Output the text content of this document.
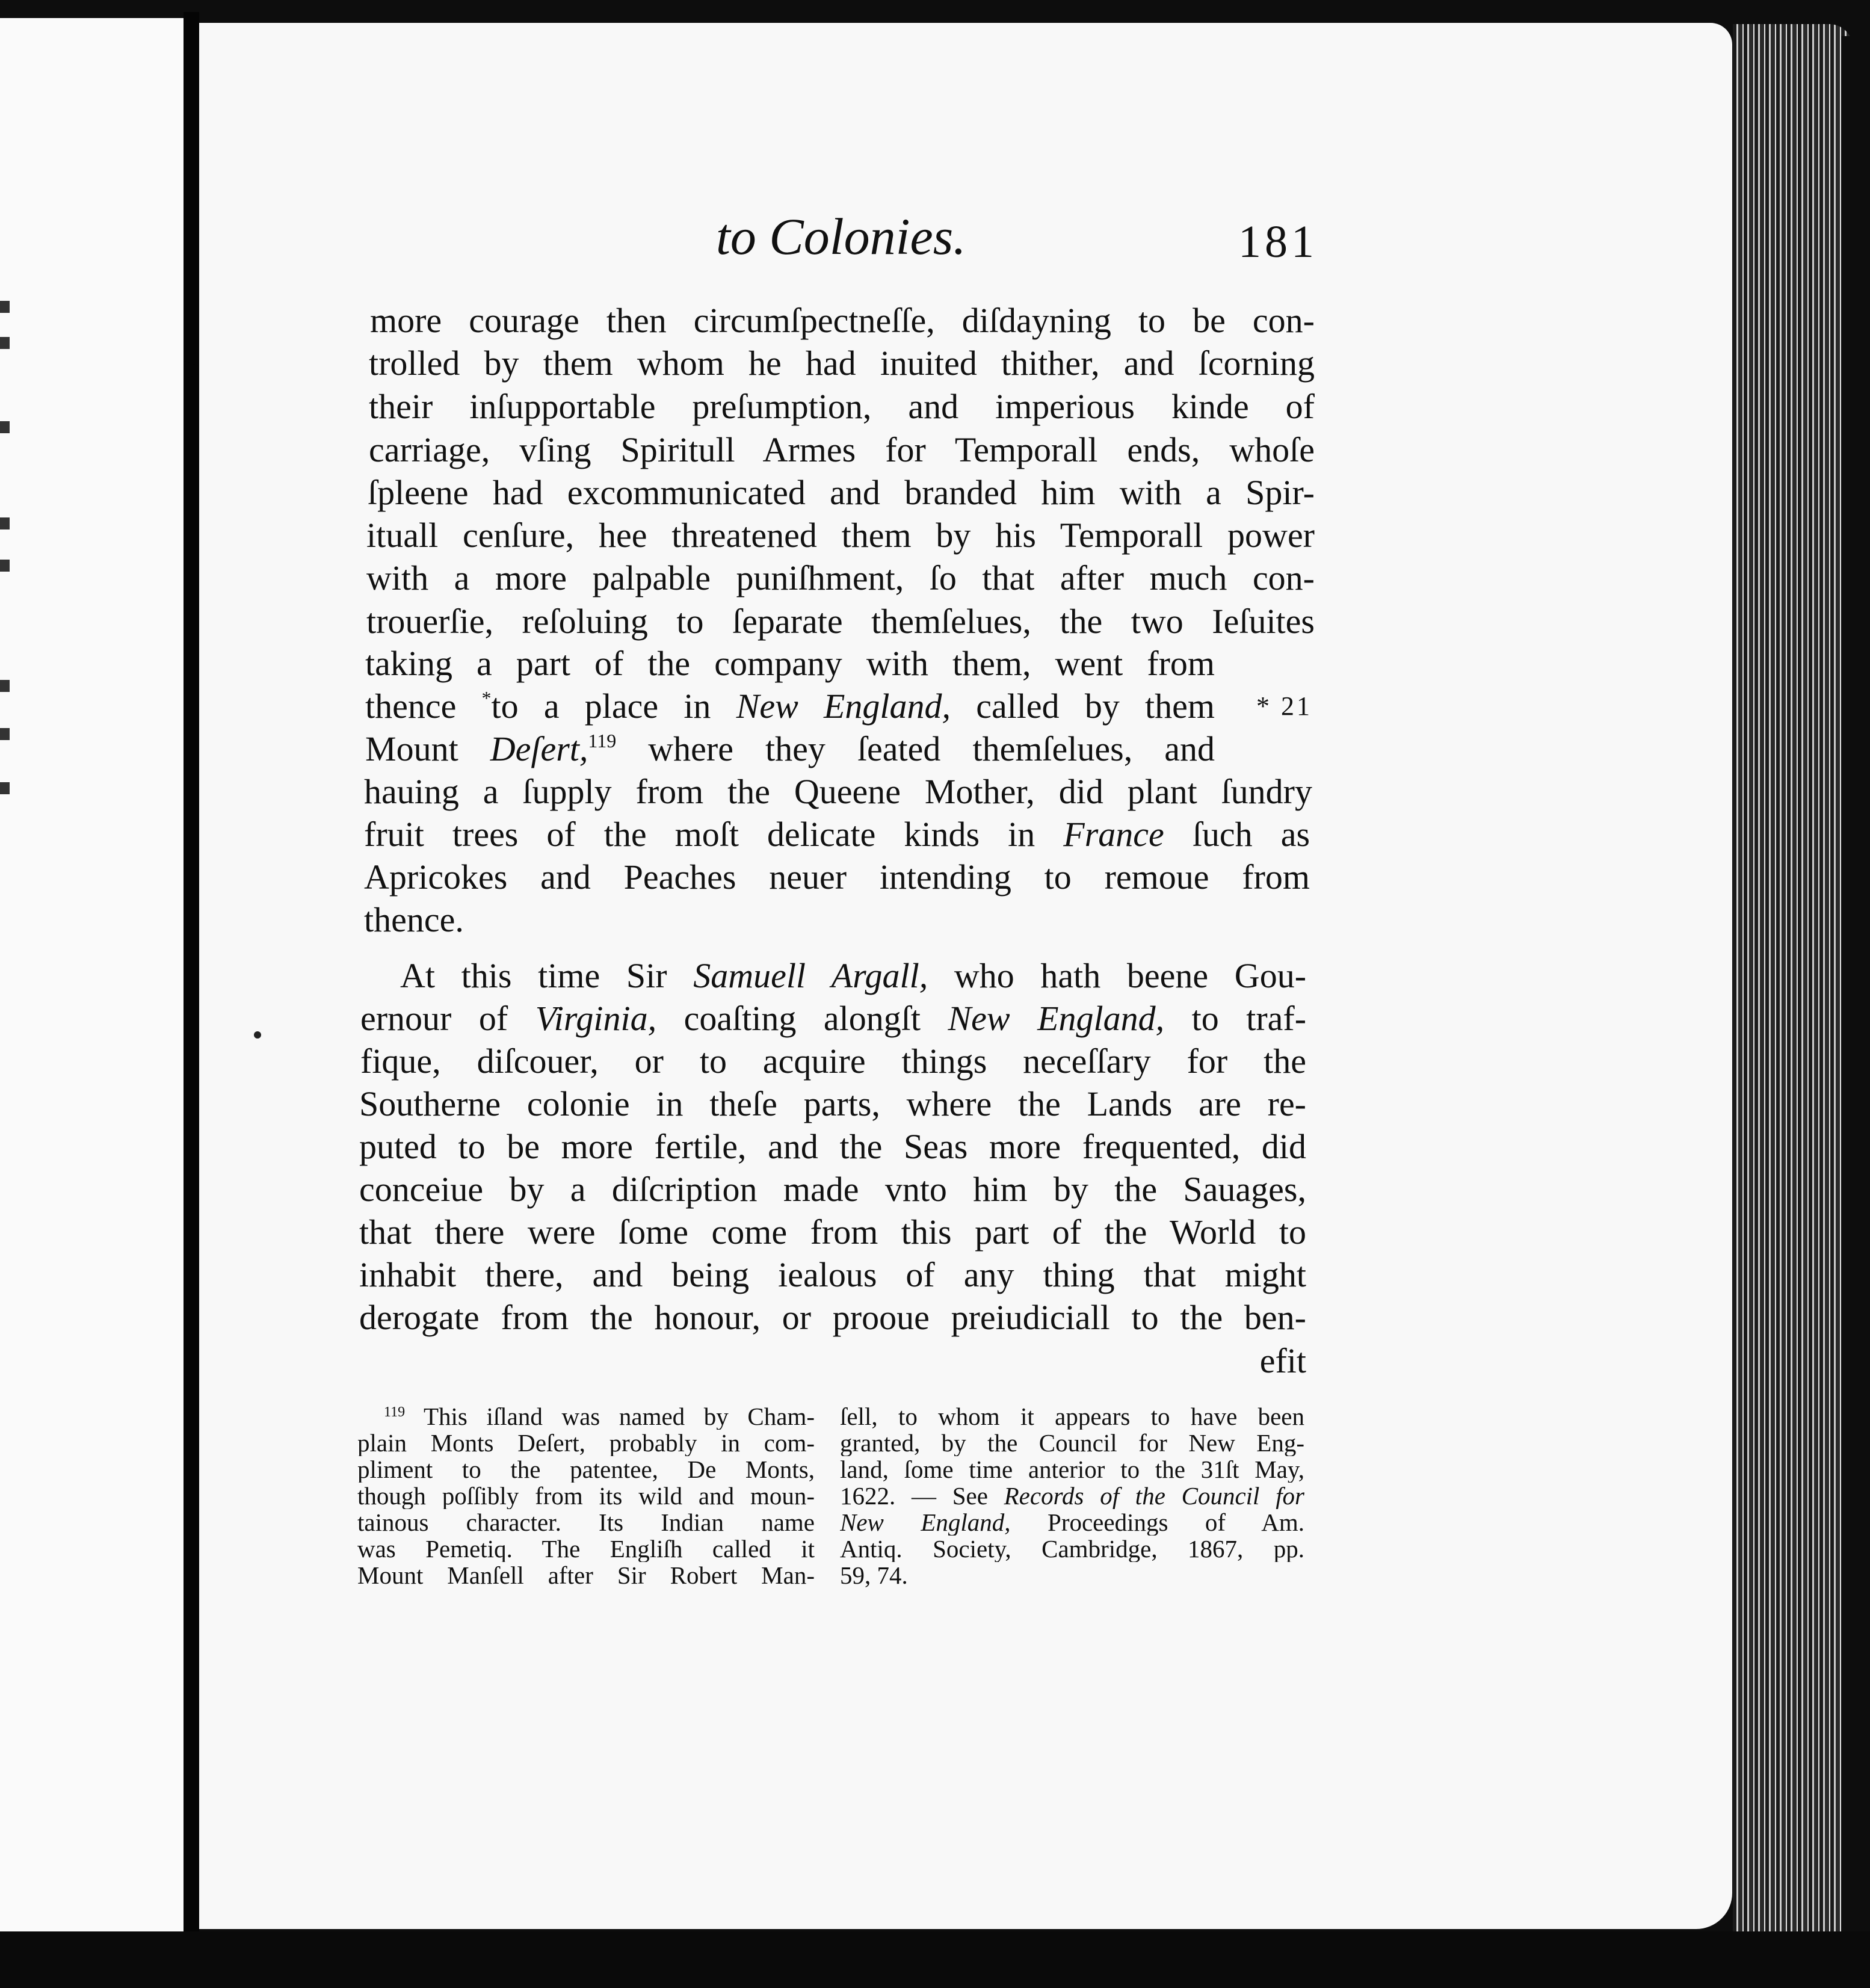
to Colonies.	181
more courage then circumſpectneſſe, diſdayning to be con-
trolled by them whom he had inuited thither, and ſcorning
their inſupportable preſumption, and imperious kinde of
carriage, vſing Spiritull Armes for Temporall ends, whoſe
ſpleene had excommunicated and branded him with a Spir-
ituall cenſure, hee threatened them by his Temporall power
with a more palpable puniſhment, ſo that after much con-
trouerſie, reſoluing to ſeparate themſelues, the two Ieſuites
taking a part of the company with them, went from
thence *to a place in New England, called by them * 21
Mount Deſert,$^{119}$ where they ſeated themſelues, and
hauing a ſupply from the Queene Mother, did plant ſundry
fruit trees of the moſt delicate kinds in France ſuch as
Apricokes and Peaches neuer intending to remoue from
thence.
At this time Sir Samuell Argall, who hath beene Gou-
ernour of Virginia, coaſting alongſt New England, to traf-
fique, diſcouer, or to acquire things neceſſary for the
Southerne colonie in theſe parts, where the Lands are re-
puted to be more fertile, and the Seas more frequented, did
conceiue by a diſcription made vnto him by the Sauages,
that there were ſome come from this part of the World to
inhabit there, and being iealous of any thing that might
derogate from the honour, or prooue preiudiciall to the ben-
efit
$^{119}$ This iſland was named by Cham-
plain Monts Deſert, probably in com-
pliment to the patentee, De Monts,
though poſſibly from its wild and moun-
tainous character. Its Indian name
was Pemetiq. The Engliſh called it
Mount Manſell after Sir Robert Man-
ſell, to whom it appears to have been
granted, by the Council for New Eng-
land, ſome time anterior to the 31ſt May,
1622. — See Records of the Council for
New England, Proceedings of Am.
Antiq. Society, Cambridge, 1867, pp.
59, 74.
